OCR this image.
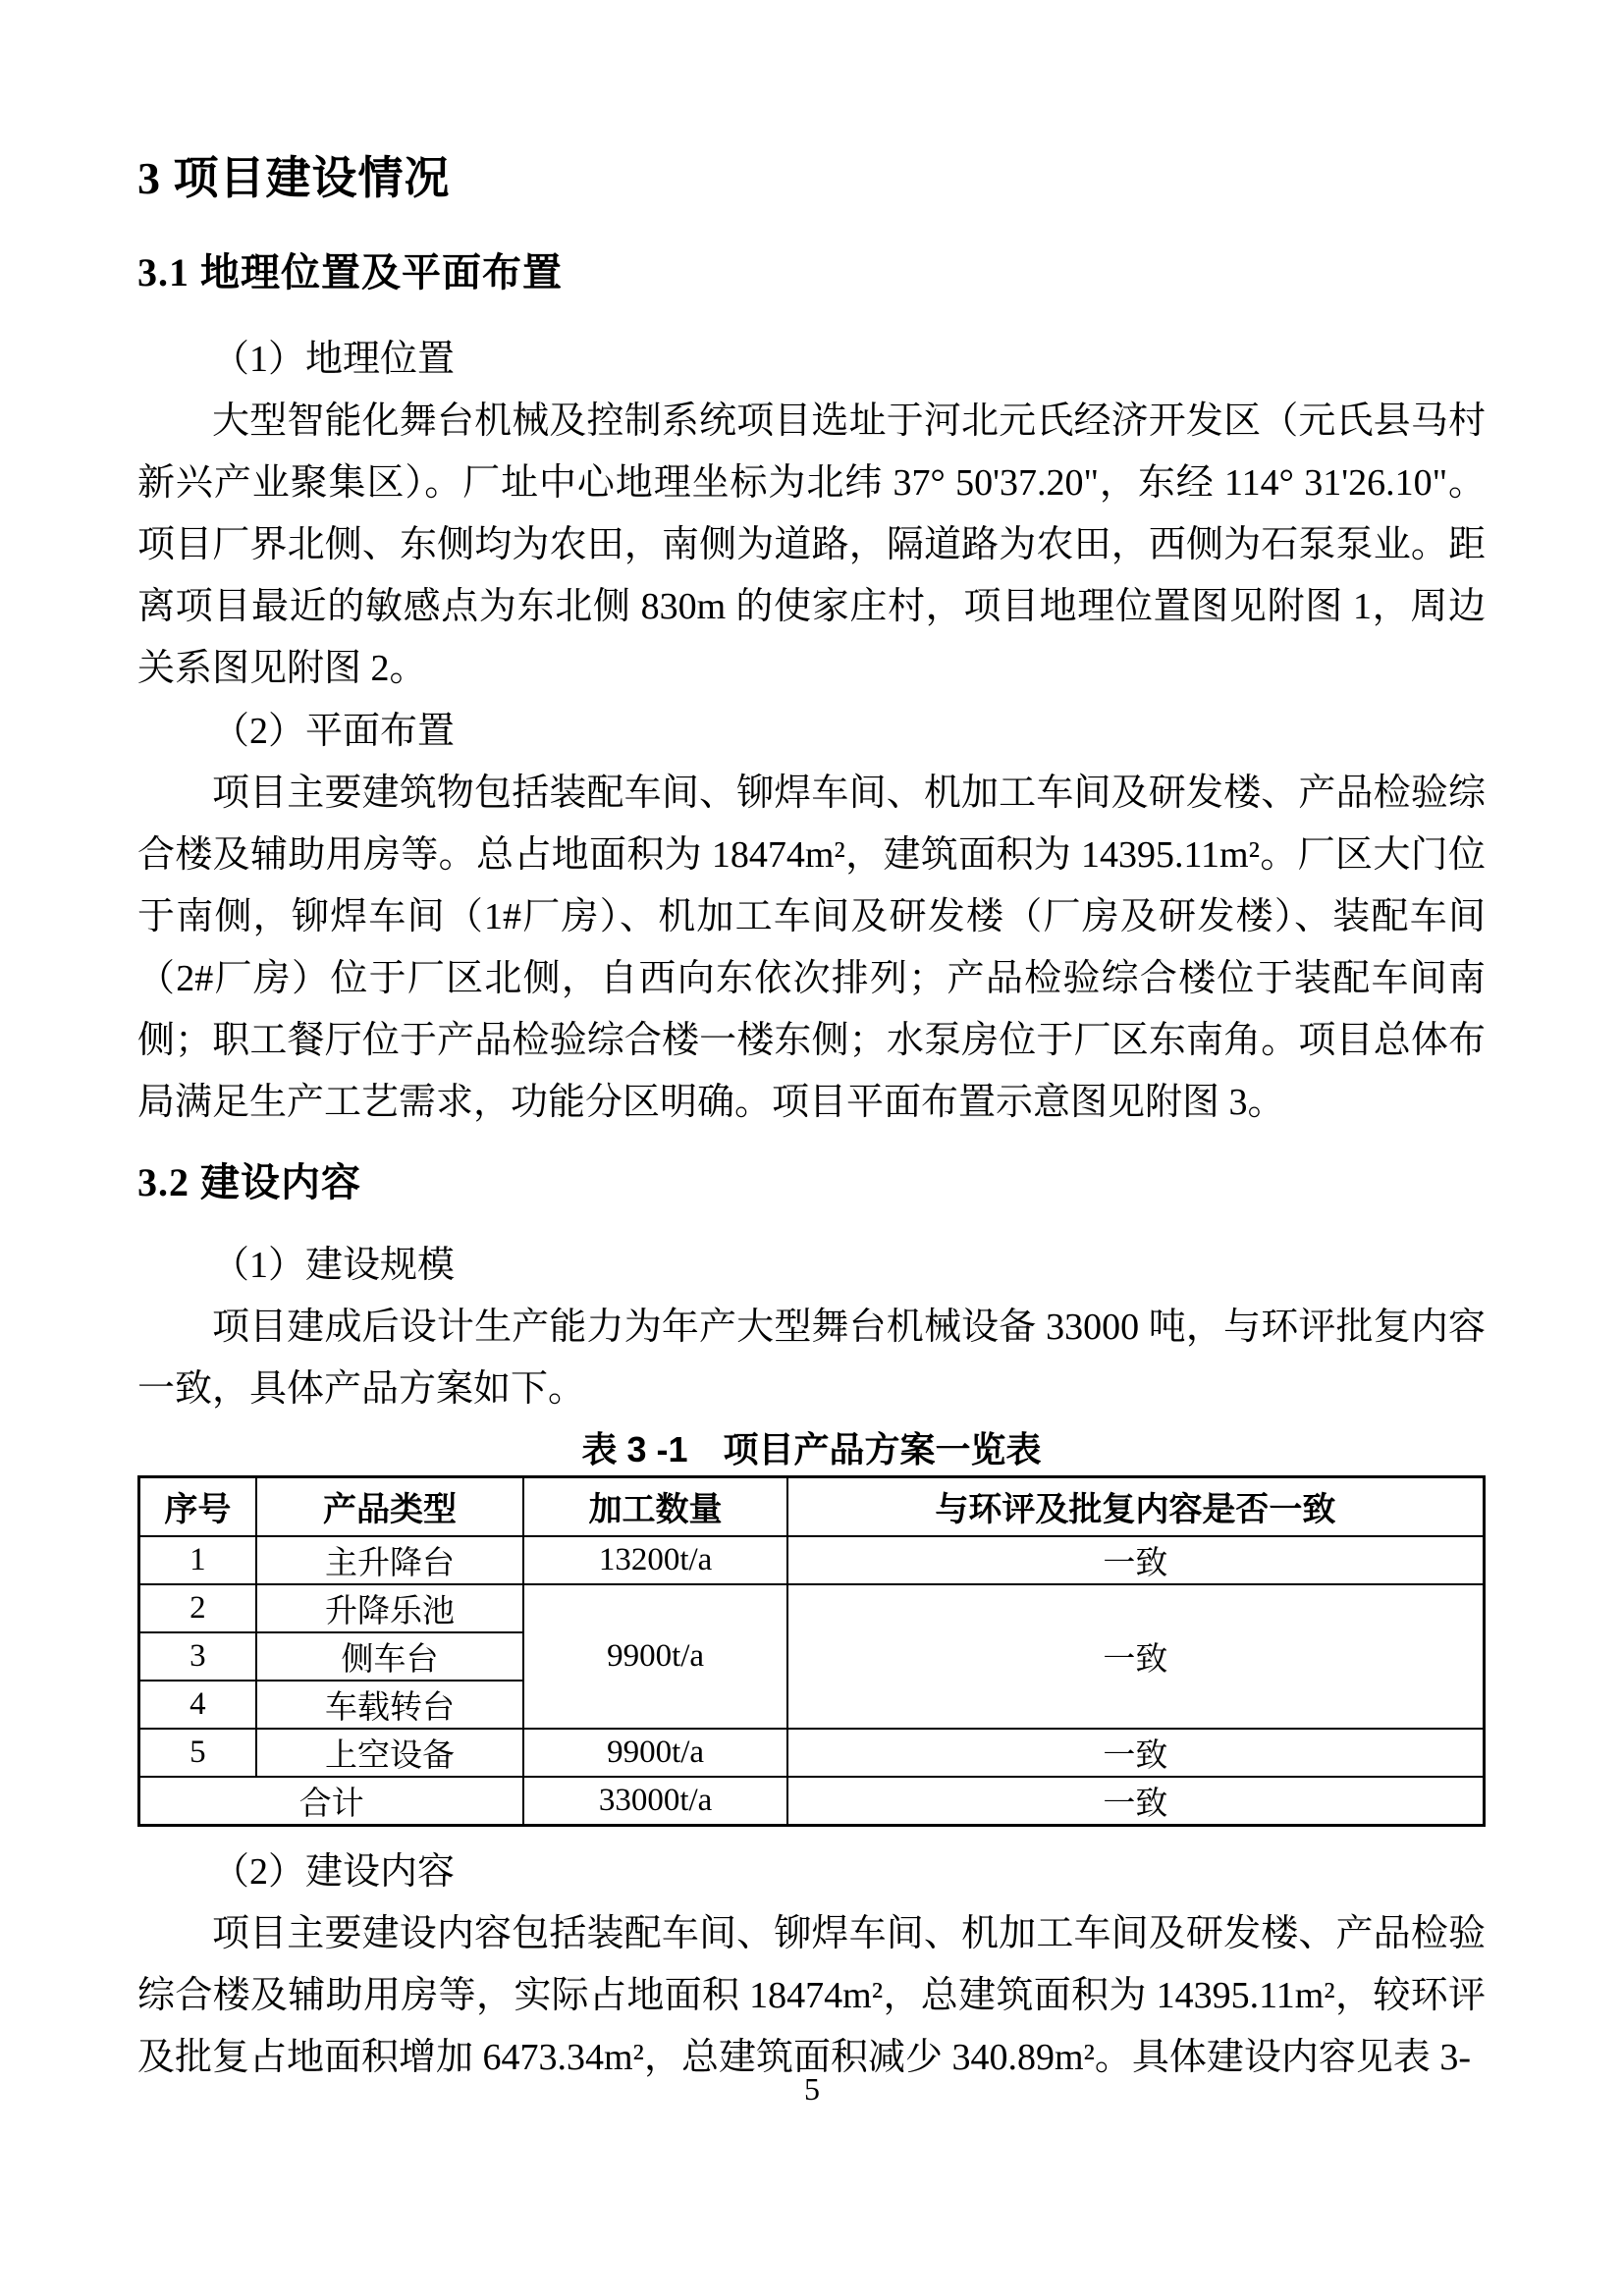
3 项目建设情况
3.1 地理位置及平面布置
（1）地理位置

大型智能化舞台机械及控制系统项目选址于河北元氏经济开发区（元氏县马村新兴产业聚集区）。厂址中心地理坐标为北纬 37° 50'37.20"，东经 114° 31'26.10"。项目厂界北侧、东侧均为农田，南侧为道路，隔道路为农田，西侧为石泵泵业。距离项目最近的敏感点为东北侧 830m 的使家庄村，项目地理位置图见附图 1，周边关系图见附图 2。

（2）平面布置

项目主要建筑物包括装配车间、铆焊车间、机加工车间及研发楼、产品检验综合楼及辅助用房等。总占地面积为 18474m²，建筑面积为 14395.11m²。厂区大门位于南侧，铆焊车间（1#厂房）、机加工车间及研发楼（厂房及研发楼）、装配车间（2#厂房）位于厂区北侧，自西向东依次排列；产品检验综合楼位于装配车间南侧；职工餐厅位于产品检验综合楼一楼东侧；水泵房位于厂区东南角。项目总体布局满足生产工艺需求，功能分区明确。项目平面布置示意图见附图 3。

3.2 建设内容
（1）建设规模

项目建成后设计生产能力为年产大型舞台机械设备 33000 吨，与环评批复内容一致，具体产品方案如下。

表 3 -1　项目产品方案一览表
序号	产品类型	加工数量	与环评及批复内容是否一致
1	主升降台	13200t/a	一致
2	升降乐池	9900t/a	一致
3	侧车台		
4	车载转台		
5	上空设备	9900t/a	一致
合计		33000t/a	一致
（2）建设内容

项目主要建设内容包括装配车间、铆焊车间、机加工车间及研发楼、产品检验综合楼及辅助用房等，实际占地面积 18474m²，总建筑面积为 14395.11m²，较环评及批复占地面积增加 6473.34m²，总建筑面积减少 340.89m²。具体建设内容见表 3-

5
